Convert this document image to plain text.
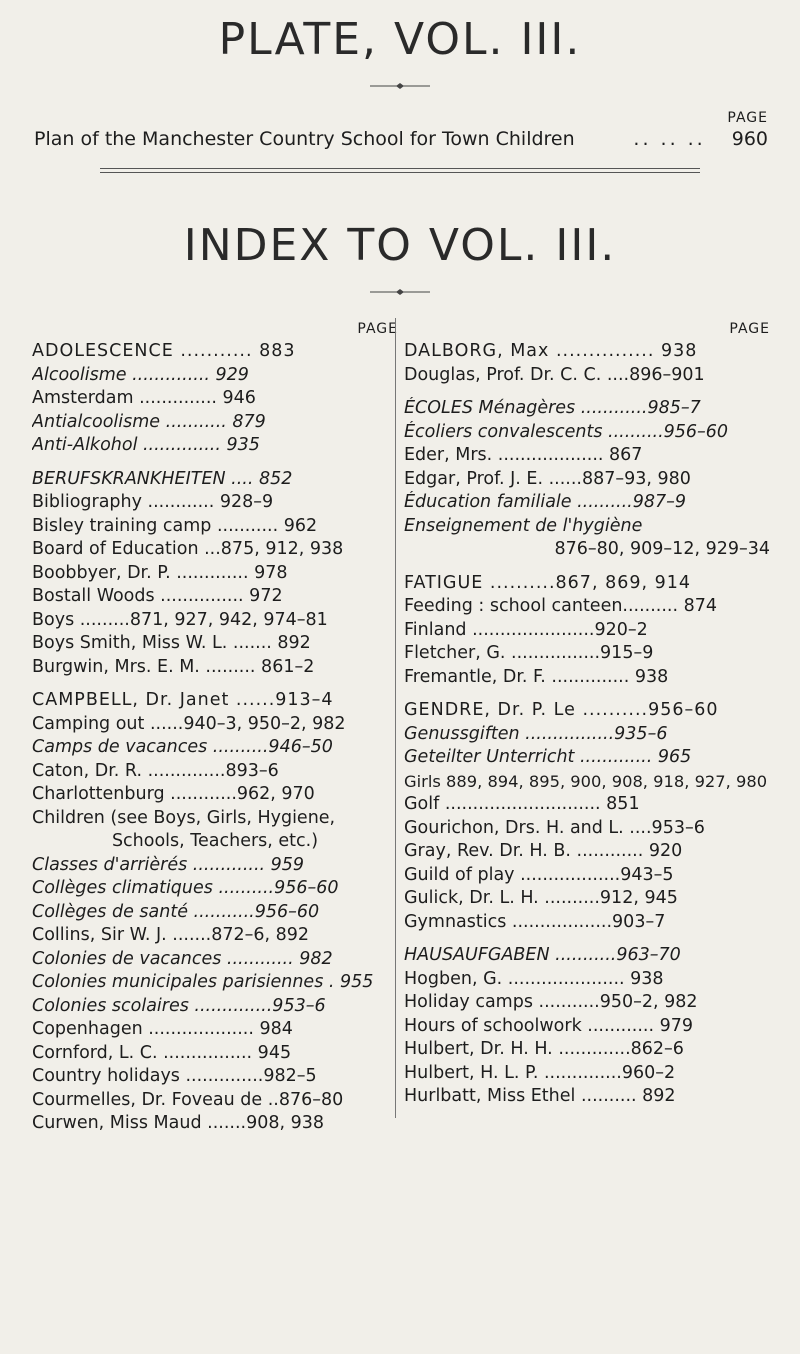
PLATE, VOL. III.
PAGE
Plan of the Manchester Country School for Town Children	.. .. ..	960
INDEX TO VOL. III.
PAGE
ADOLESCENCE ........... 883
Alcoolisme .............. 929
Amsterdam .............. 946
Antialcoolisme ........... 879
Anti-Alkohol .............. 935
BERUFSKRANKHEITEN .... 852
Bibliography ............ 928–9
Bisley training camp ........... 962
Board of Education ...875, 912, 938
Boobbyer, Dr. P. ............. 978
Bostall Woods ............... 972
Boys .........871, 927, 942, 974–81
Boys Smith, Miss W. L. ....... 892
Burgwin, Mrs. E. M. ......... 861–2
CAMPBELL, Dr. Janet ......913–4
Camping out ......940–3, 950–2, 982
Camps de vacances ..........946–50
Caton, Dr. R. ..............893–6
Charlottenburg ............962, 970
Children (see Boys, Girls, Hygiene,
Schools, Teachers, etc.)
Classes d'arrièrés ............. 959
Collèges climatiques ..........956–60
Collèges de santé ...........956–60
Collins, Sir W. J. .......872–6, 892
Colonies de vacances ............ 982
Colonies municipales parisiennes . 955
Colonies scolaires ..............953–6
Copenhagen ................... 984
Cornford, L. C. ................ 945
Country holidays ..............982–5
Courmelles, Dr. Foveau de ..876–80
Curwen, Miss Maud .......908, 938
PAGE
DALBORG, Max ............... 938
Douglas, Prof. Dr. C. C. ....896–901
ÉCOLES Ménagères ............985–7
Écoliers convalescents ..........956–60
Eder, Mrs. ................... 867
Edgar, Prof. J. E. ......887–93, 980
Éducation familiale ..........987–9
Enseignement de l'hygiène
876–80, 909–12, 929–34
FATIGUE ..........867, 869, 914
Feeding : school canteen.......... 874
Finland ......................920–2
Fletcher, G. ................915–9
Fremantle, Dr. F. .............. 938
GENDRE, Dr. P. Le ..........956–60
Genussgiften ................935–6
Geteilter Unterricht ............. 965
Girls 889, 894, 895, 900, 908, 918, 927, 980
Golf ............................ 851
Gourichon, Drs. H. and L. ....953–6
Gray, Rev. Dr. H. B. ............ 920
Guild of play ..................943–5
Gulick, Dr. L. H. ..........912, 945
Gymnastics ..................903–7
HAUSAUFGABEN ...........963–70
Hogben, G. ..................... 938
Holiday camps ...........950–2, 982
Hours of schoolwork ............ 979
Hulbert, Dr. H. H. .............862–6
Hulbert, H. L. P. ..............960–2
Hurlbatt, Miss Ethel .......... 892
